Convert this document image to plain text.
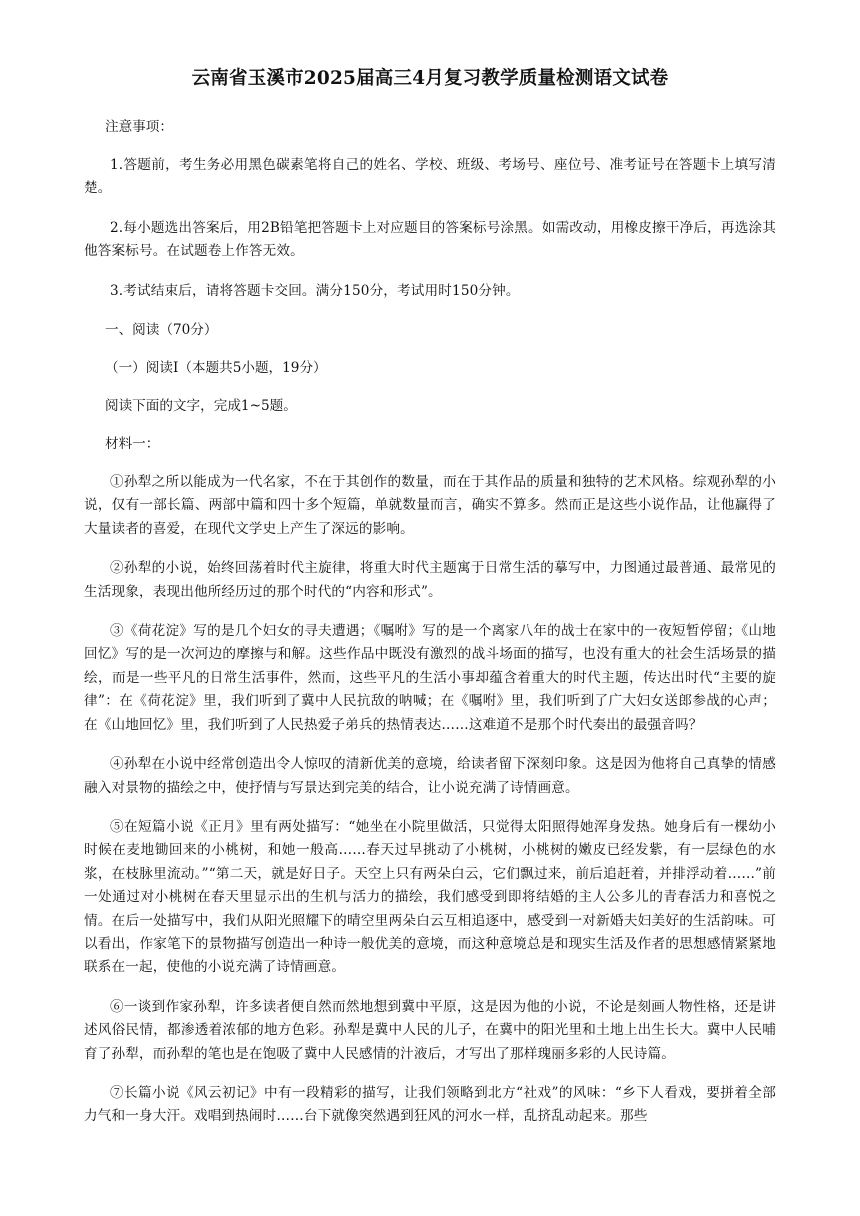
云南省玉溪市2025届高三4月复习教学质量检测语文试卷
注意事项：
1.答题前，考生务必用黑色碳素笔将自己的姓名、学校、班级、考场号、座位号、准考证号在答题卡上填写清楚。
2.每小题选出答案后，用2B铅笔把答题卡上对应题目的答案标号涂黑。如需改动，用橡皮擦干净后，再选涂其他答案标号。在试题卷上作答无效。
3.考试结束后，请将答题卡交回。满分150分，考试用时150分钟。
一、阅读（70分）
（一）阅读Ⅰ（本题共5小题，19分）
阅读下面的文字，完成1~5题。
材料一：
①孙犁之所以能成为一代名家，不在于其创作的数量，而在于其作品的质量和独特的艺术风格。综观孙犁的小说，仅有一部长篇、两部中篇和四十多个短篇，单就数量而言，确实不算多。然而正是这些小说作品，让他赢得了大量读者的喜爱，在现代文学史上产生了深远的影响。
②孙犁的小说，始终回荡着时代主旋律，将重大时代主题寓于日常生活的摹写中，力图通过最普通、最常见的生活现象，表现出他所经历过的那个时代的“内容和形式”。
③《荷花淀》写的是几个妇女的寻夫遭遇；《嘱咐》写的是一个离家八年的战士在家中的一夜短暂停留；《山地回忆》写的是一次河边的摩擦与和解。这些作品中既没有激烈的战斗场面的描写，也没有重大的社会生活场景的描绘，而是一些平凡的日常生活事件，然而，这些平凡的生活小事却蕴含着重大的时代主题，传达出时代“主要的旋律”：在《荷花淀》里，我们听到了冀中人民抗敌的呐喊；在《嘱咐》里，我们听到了广大妇女送郎参战的心声；在《山地回忆》里，我们听到了人民热爱子弟兵的热情表达……这难道不是那个时代奏出的最强音吗？
④孙犁在小说中经常创造出令人惊叹的清新优美的意境，给读者留下深刻印象。这是因为他将自己真挚的情感融入对景物的描绘之中，使抒情与写景达到完美的结合，让小说充满了诗情画意。
⑤在短篇小说《正月》里有两处描写：“她坐在小院里做活，只觉得太阳照得她浑身发热。她身后有一棵幼小时候在麦地锄回来的小桃树，和她一般高……春天过早挑动了小桃树，小桃树的嫩皮已经发紫，有一层绿色的水浆，在枝脉里流动。”“第二天，就是好日子。天空上只有两朵白云，它们飘过来，前后追赶着，并排浮动着……”前一处通过对小桃树在春天里显示出的生机与活力的描绘，我们感受到即将结婚的主人公多儿的青春活力和喜悦之情。在后一处描写中，我们从阳光照耀下的晴空里两朵白云互相追逐中，感受到一对新婚夫妇美好的生活韵味。可以看出，作家笔下的景物描写创造出一种诗一般优美的意境，而这种意境总是和现实生活及作者的思想感情紧紧地联系在一起，使他的小说充满了诗情画意。
⑥一谈到作家孙犁，许多读者便自然而然地想到冀中平原，这是因为他的小说，不论是刻画人物性格，还是讲述风俗民情，都渗透着浓郁的地方色彩。孙犁是冀中人民的儿子，在冀中的阳光里和土地上出生长大。冀中人民哺育了孙犁，而孙犁的笔也是在饱吸了冀中人民感情的汁液后，才写出了那样瑰丽多彩的人民诗篇。
⑦长篇小说《风云初记》中有一段精彩的描写，让我们领略到北方“社戏”的风味：“乡下人看戏，要拼着全部力气和一身大汗。戏唱到热闹时……台下就像突然遇到狂风的河水一样，乱挤乱动起来。那些
